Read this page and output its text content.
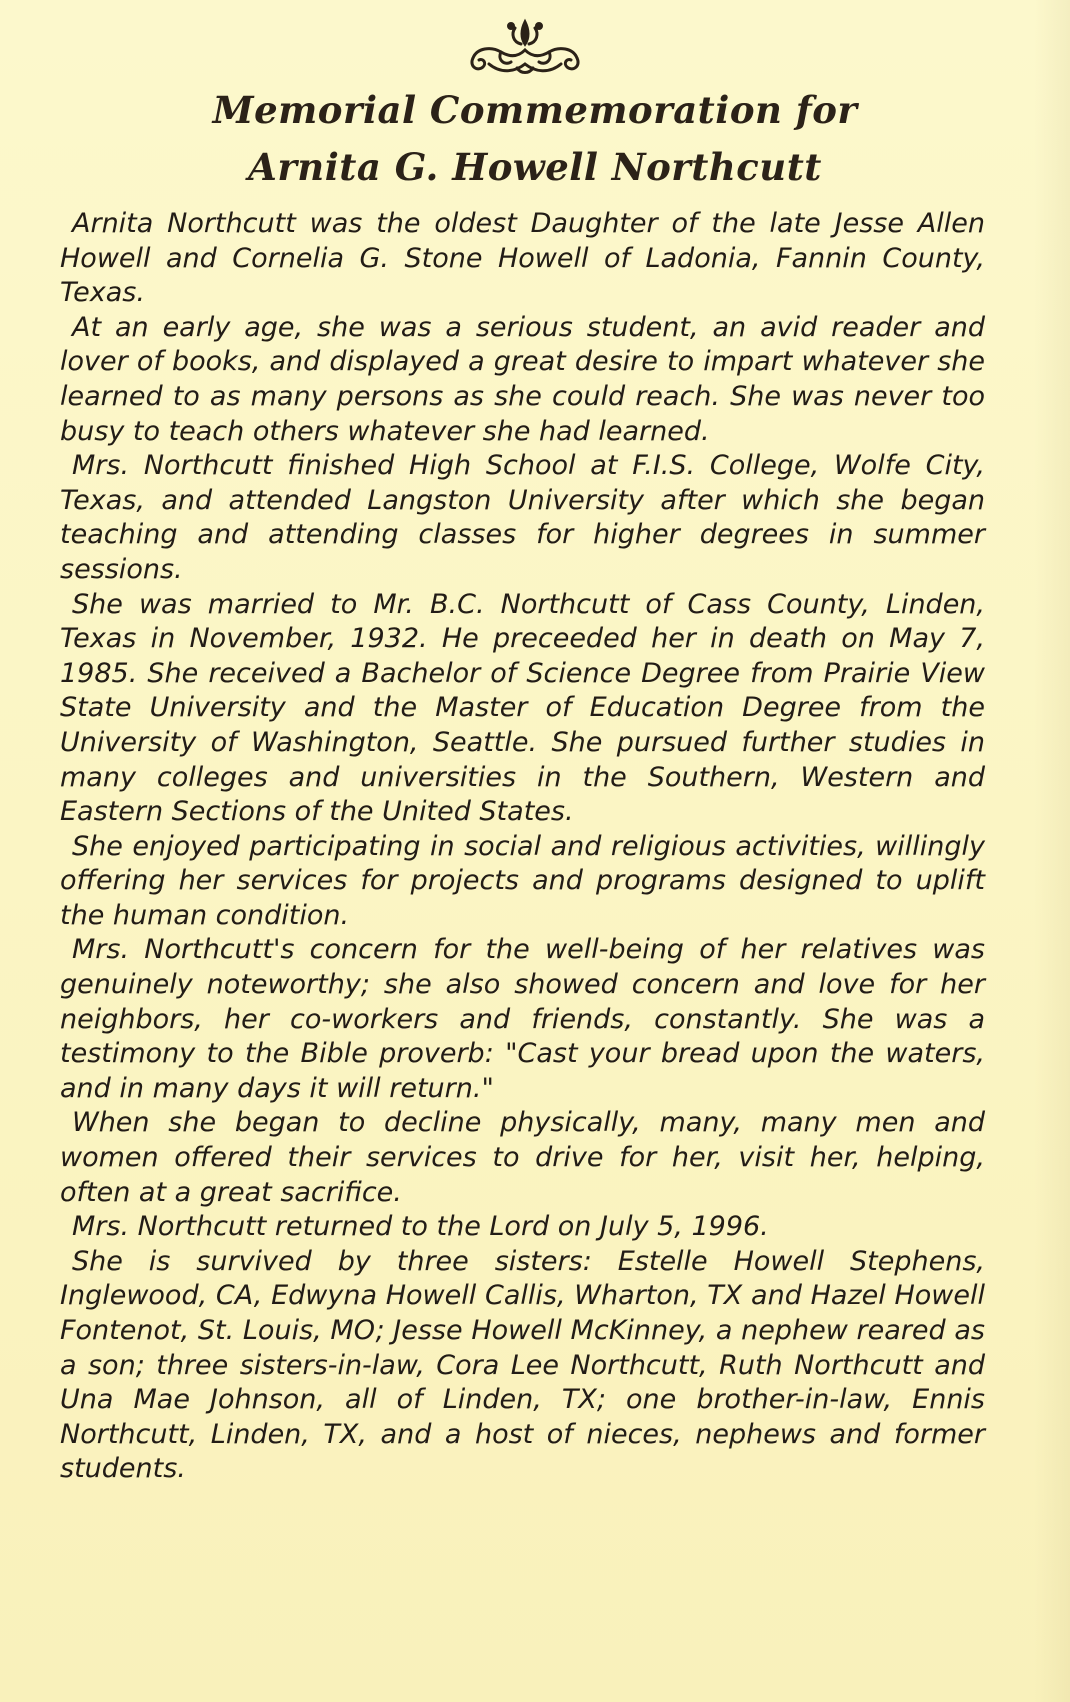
Memorial Commemoration for
Arnita G. Howell Northcutt

Arnita Northcutt was the oldest Daughter of the late Jesse Allen Howell and Cornelia G. Stone Howell of Ladonia, Fannin County, Texas.

At an early age, she was a serious student, an avid reader and lover of books, and displayed a great desire to impart whatever she learned to as many persons as she could reach. She was never too busy to teach others whatever she had learned.

Mrs. Northcutt finished High School at F.I.S. College, Wolfe City, Texas, and attended Langston University after which she began teaching and attending classes for higher degrees in summer sessions.

She was married to Mr. B.C. Northcutt of Cass County, Linden, Texas in November, 1932. He preceeded her in death on May 7, 1985. She received a Bachelor of Science Degree from Prairie View State University and the Master of Education Degree from the University of Washington, Seattle. She pursued further studies in many colleges and universities in the Southern, Western and Eastern Sections of the United States.

She enjoyed participating in social and religious activities, willingly offering her services for projects and programs designed to uplift the human condition.

Mrs. Northcutt's concern for the well-being of her relatives was genuinely noteworthy; she also showed concern and love for her neighbors, her co-workers and friends, constantly. She was a testimony to the Bible proverb: "Cast your bread upon the waters, and in many days it will return."

When she began to decline physically, many, many men and women offered their services to drive for her, visit her, helping, often at a great sacrifice.

Mrs. Northcutt returned to the Lord on July 5, 1996.

She is survived by three sisters: Estelle Howell Stephens, Inglewood, CA, Edwyna Howell Callis, Wharton, TX and Hazel Howell Fontenot, St. Louis, MO; Jesse Howell McKinney, a nephew reared as a son; three sisters-in-law, Cora Lee Northcutt, Ruth Northcutt and Una Mae Johnson, all of Linden, TX; one brother-in-law, Ennis Northcutt, Linden, TX, and a host of nieces, nephews and former students.
